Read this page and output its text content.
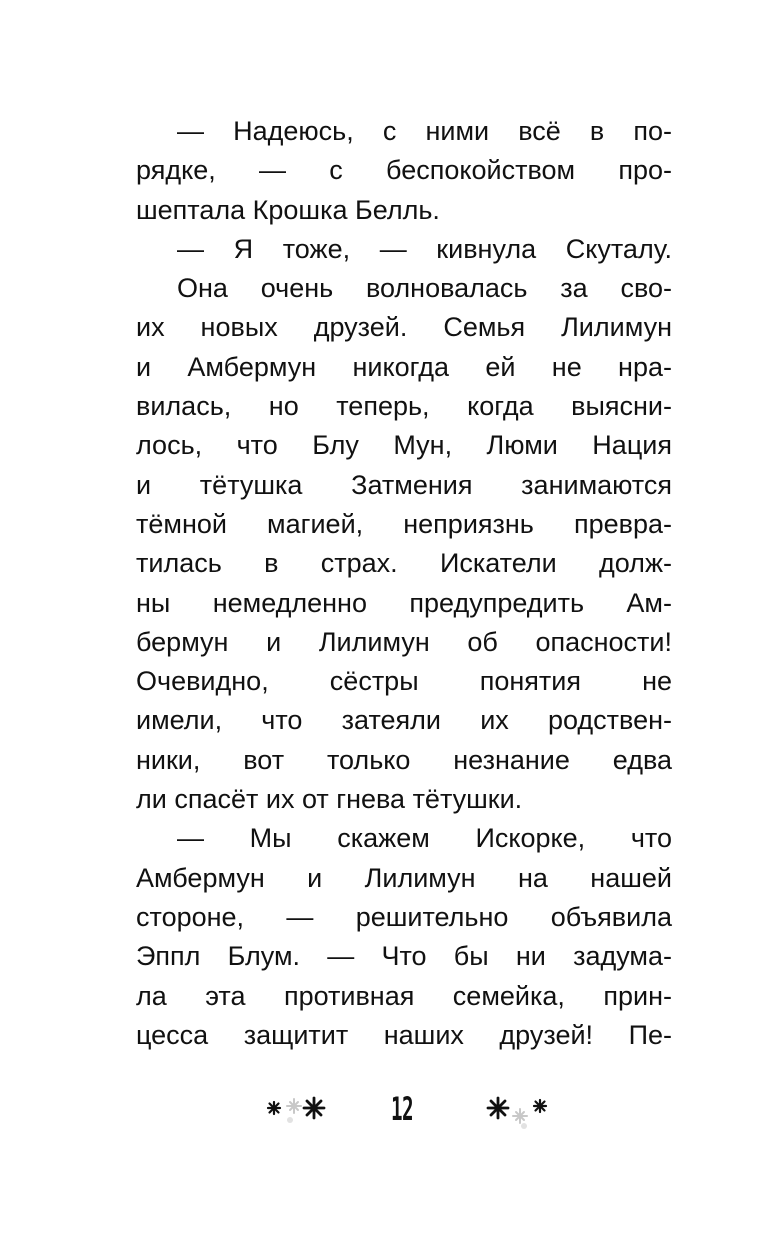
— Надеюсь, с ними всё в по-
рядке, — с беспокойством про-
шептала Крошка Белль.
— Я тоже, — кивнула Скуталу.
Она очень волновалась за сво-
их новых друзей. Семья Лилимун
и Амбермун никогда ей не нра-
вилась, но теперь, когда выясни-
лось, что Блу Мун, Люми Нация
и тётушка Затмения занимаются
тёмной магией, неприязнь превра-
тилась в страх. Искатели долж-
ны немедленно предупредить Ам-
бермун и Лилимун об опасности!
Очевидно, сёстры понятия не
имели, что затеяли их родствен-
ники, вот только незнание едва
ли спасёт их от гнева тётушки.
— Мы скажем Искорке, что
Амбермун и Лилимун на нашей
стороне, — решительно объявила
Эппл Блум. — Что бы ни задума-
ла эта противная семейка, прин-
цесса защитит наших друзей! Пе-
12
